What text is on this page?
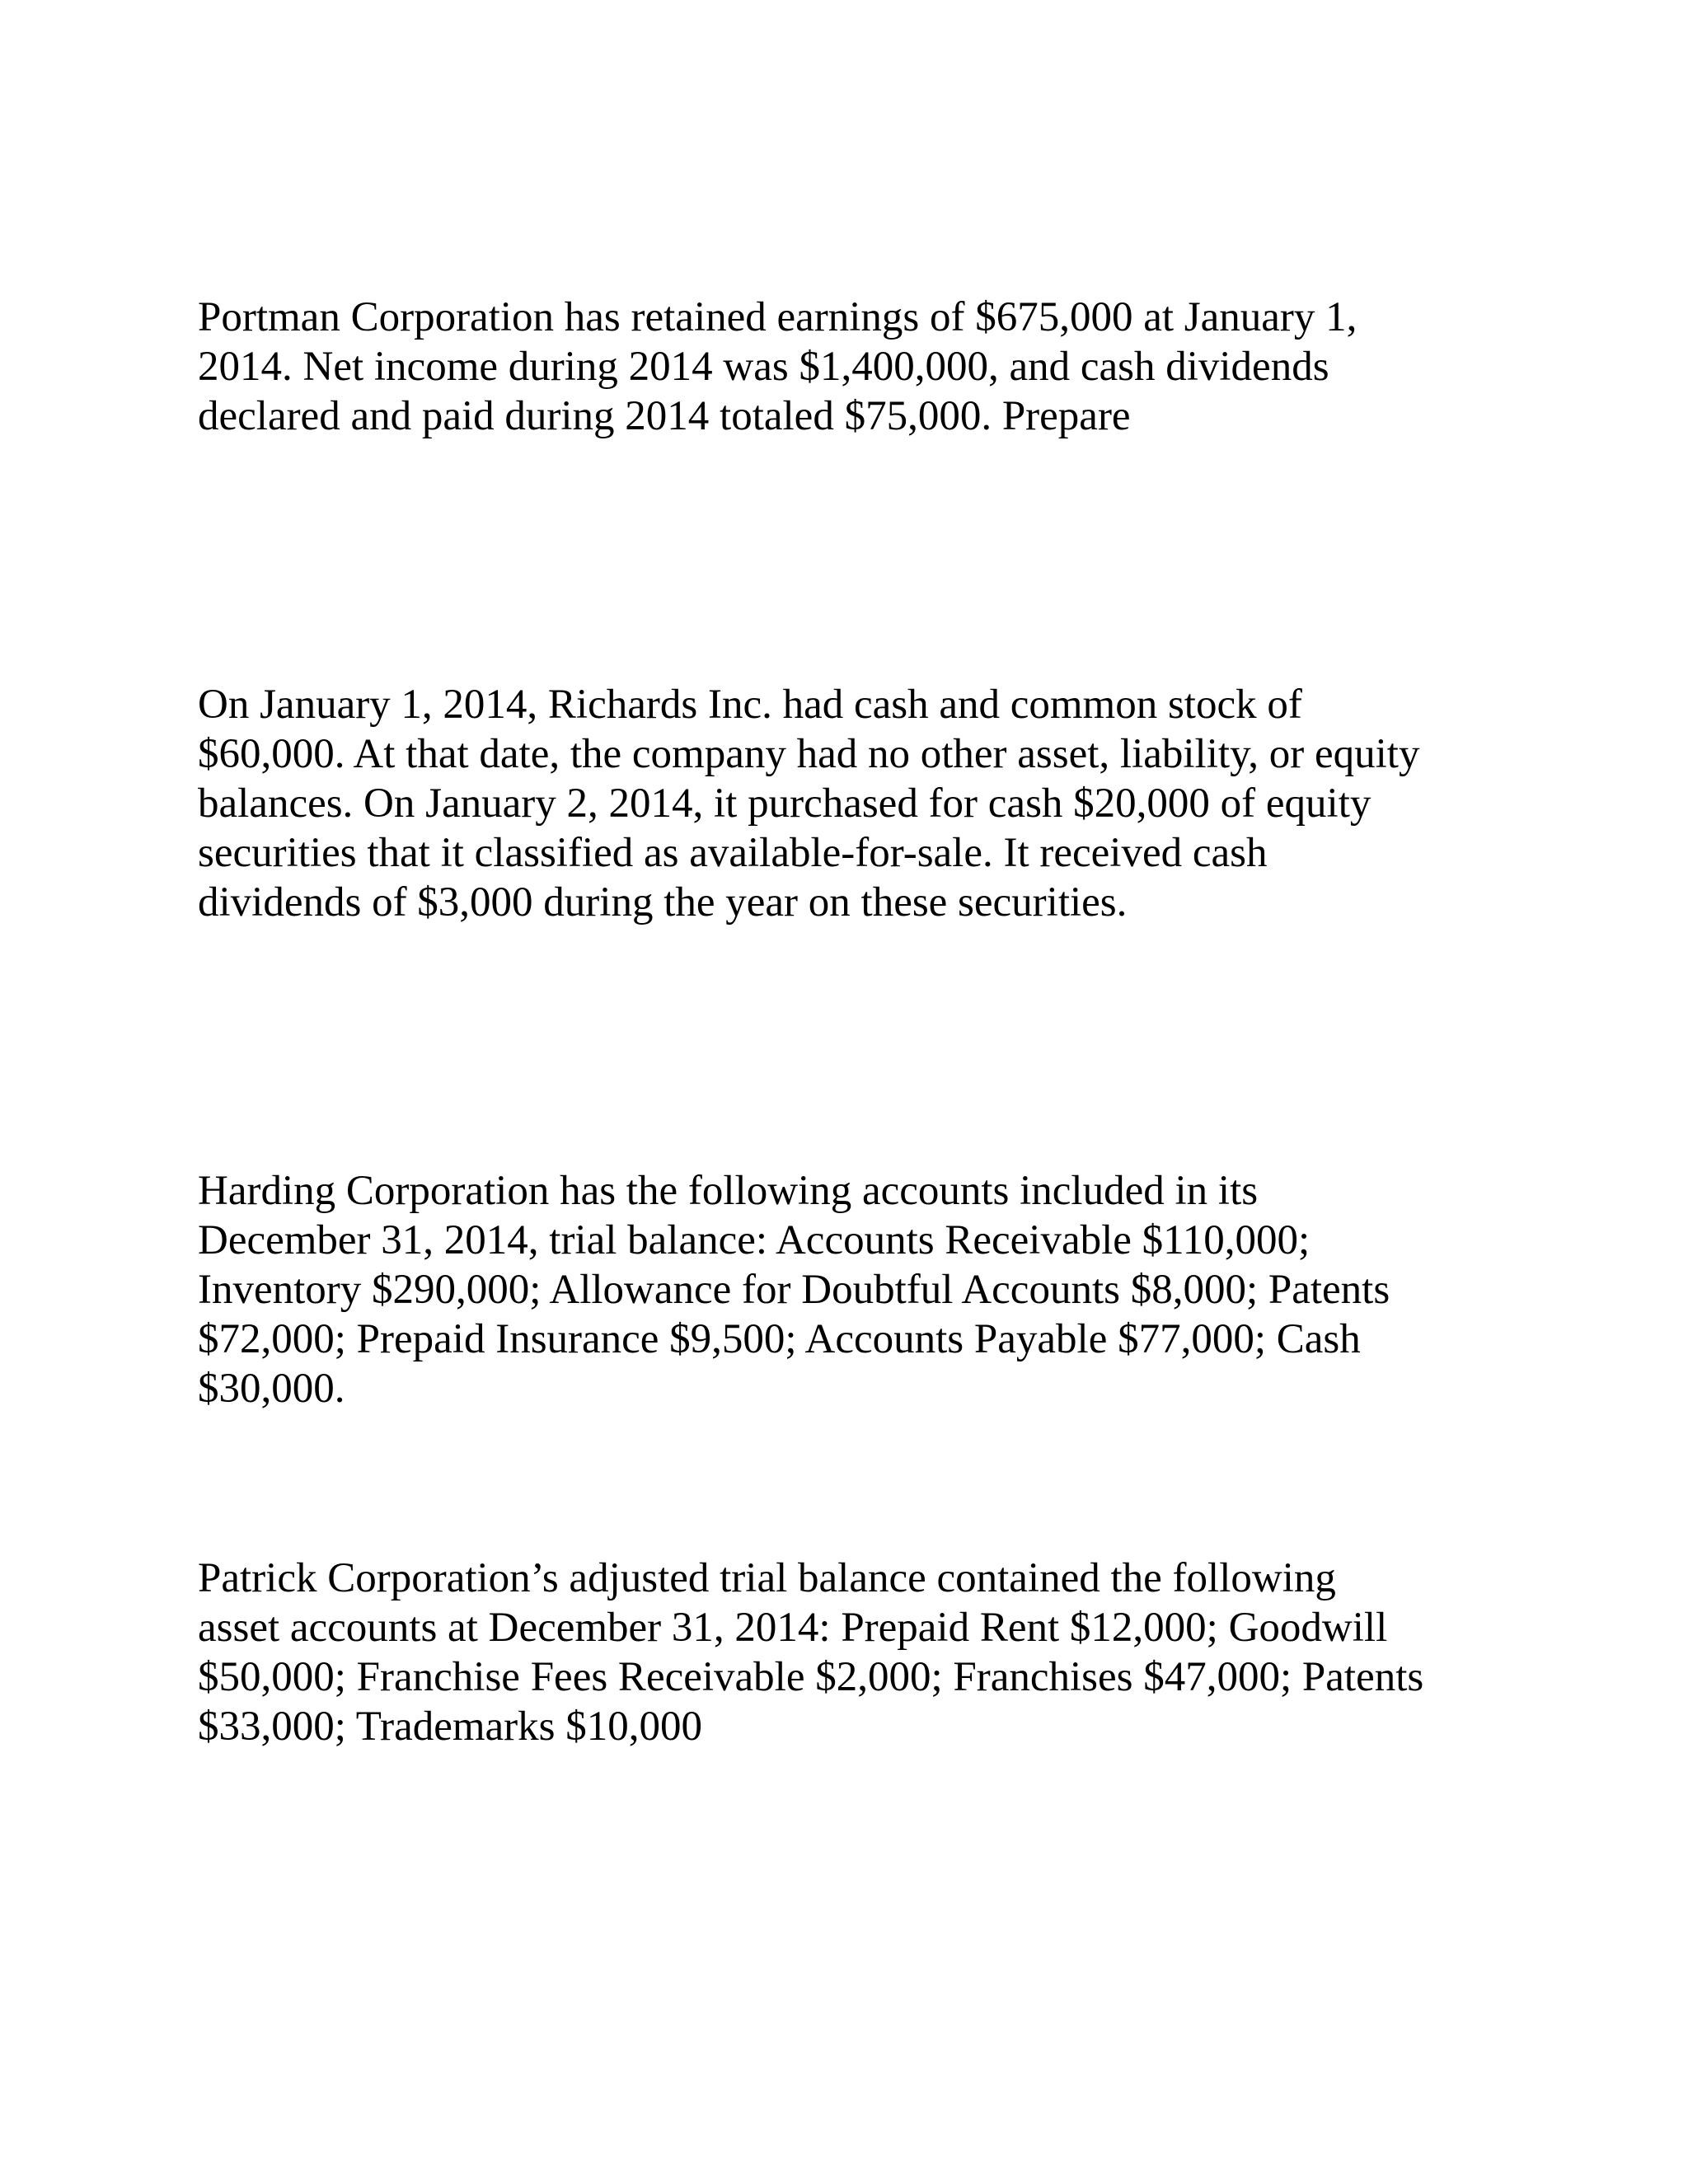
Portman Corporation has retained earnings of $675,000 at January 1,
2014. Net income during 2014 was $1,400,000, and cash dividends
declared and paid during 2014 totaled $75,000. Prepare

On January 1, 2014, Richards Inc. had cash and common stock of
$60,000. At that date, the company had no other asset, liability, or equity
balances. On January 2, 2014, it purchased for cash $20,000 of equity
securities that it classified as available-for-sale. It received cash
dividends of $3,000 during the year on these securities.

Harding Corporation has the following accounts included in its
December 31, 2014, trial balance: Accounts Receivable $110,000;
Inventory $290,000; Allowance for Doubtful Accounts $8,000; Patents
$72,000; Prepaid Insurance $9,500; Accounts Payable $77,000; Cash
$30,000.

Patrick Corporation’s adjusted trial balance contained the following
asset accounts at December 31, 2014: Prepaid Rent $12,000; Goodwill
$50,000; Franchise Fees Receivable $2,000; Franchises $47,000; Patents
$33,000; Trademarks $10,000
